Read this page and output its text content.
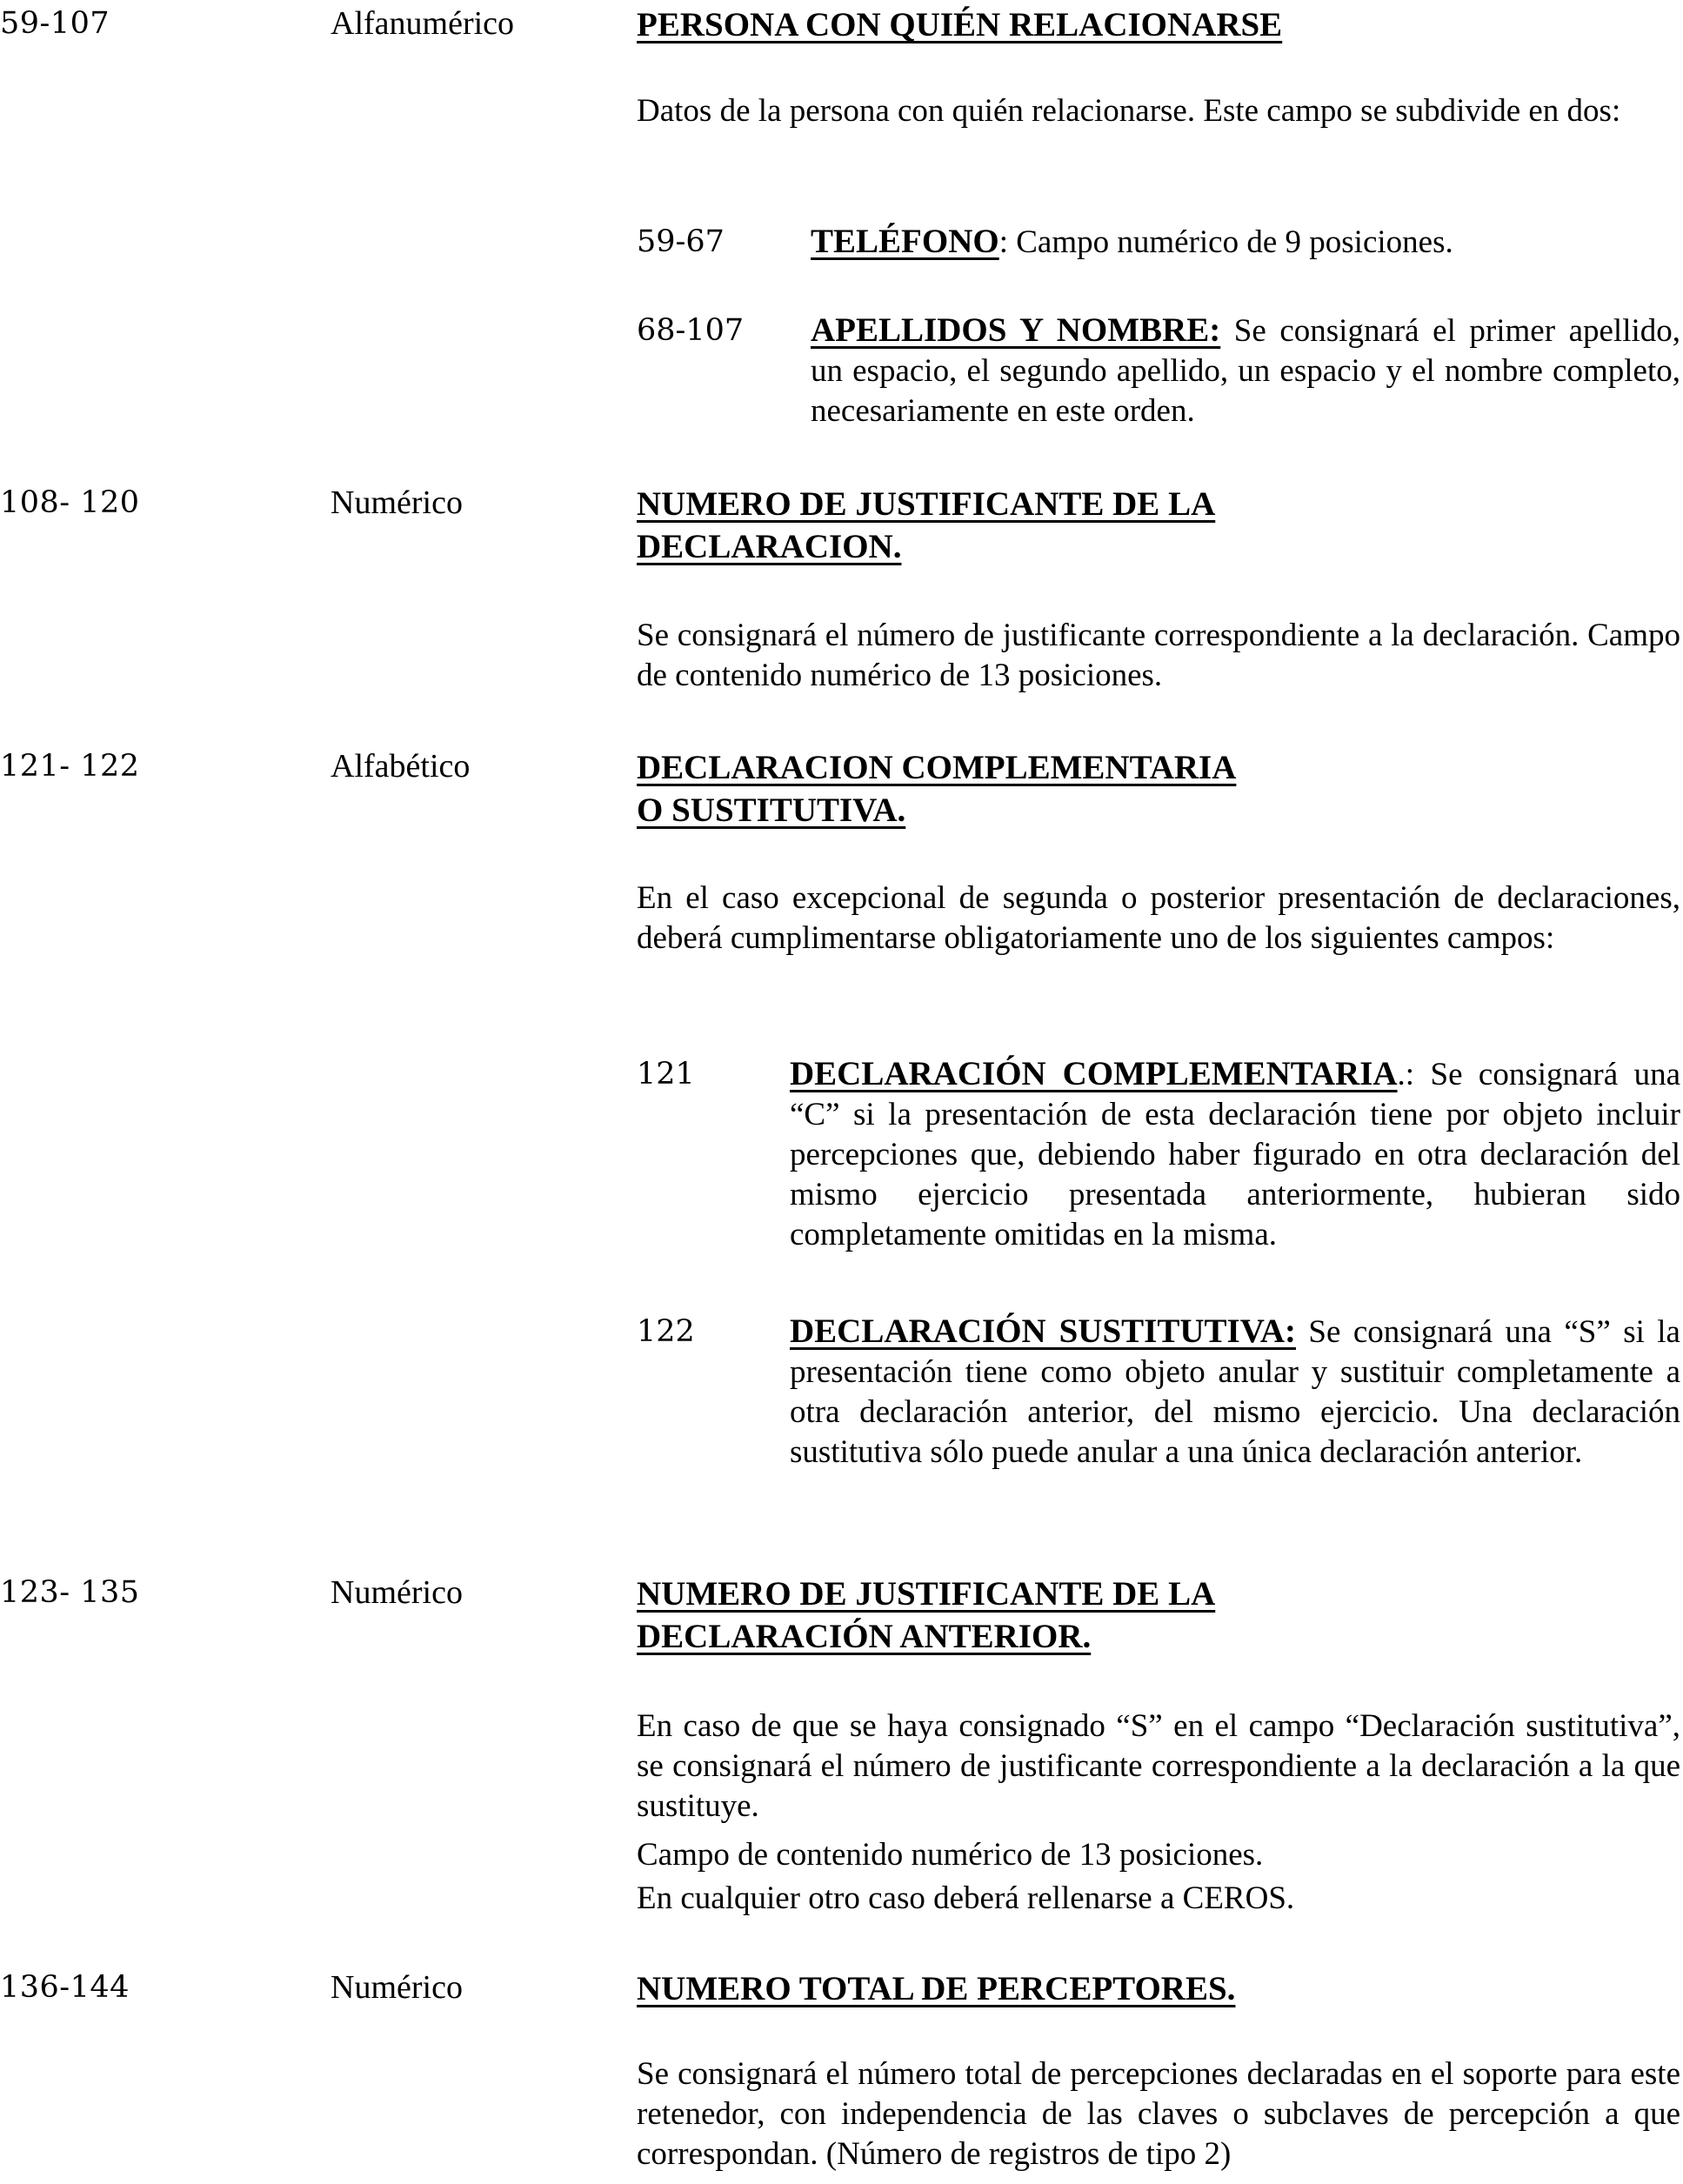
59-107	Alfanumérico	PERSONA CON QUIÉN RELACIONARSE
Datos de la persona con quién relacionarse. Este campo se subdivide en dos:
59-67	TELÉFONO: Campo numérico de 9 posiciones.
68-107 APELLIDOS Y NOMBRE: Se consignará el primer apellido, un espacio, el segundo apellido, un espacio y el nombre completo, necesariamente en este orden.
108- 120	Numérico	NUMERO DE JUSTIFICANTE DE LA
DECLARACION.
Se consignará el número de justificante correspondiente a la declaración. Campo de contenido numérico de 13 posiciones.
121- 122	Alfabético	DECLARACION COMPLEMENTARIA
O SUSTITUTIVA.
En el caso excepcional de segunda o posterior presentación de declaraciones, deberá cumplimentarse obligatoriamente uno de los siguientes campos:
121	DECLARACIÓN COMPLEMENTARIA.: Se consignará una “C” si la presentación de esta declaración tiene por objeto incluir percepciones que, debiendo haber figurado en otra declaración del mismo ejercicio presentada anteriormente, hubieran sido completamente omitidas en la misma.
122	DECLARACIÓN SUSTITUTIVA: Se consignará una “S” si la presentación tiene como objeto anular y sustituir completamente a otra declaración anterior, del mismo ejercicio. Una declaración sustitutiva sólo puede anular a una única declaración anterior.
123- 135	Numérico	NUMERO DE JUSTIFICANTE DE LA
DECLARACIÓN ANTERIOR.
En caso de que se haya consignado “S” en el campo “Declaración sustitutiva”, se consignará el número de justificante correspondiente a la declaración a la que sustituye.
Campo de contenido numérico de 13 posiciones.
En cualquier otro caso deberá rellenarse a CEROS.
136-144	Numérico	NUMERO TOTAL DE PERCEPTORES.
Se consignará el número total de percepciones declaradas en el soporte para este retenedor, con independencia de las claves o subclaves de percepción a que correspondan. (Número de registros de tipo 2)
